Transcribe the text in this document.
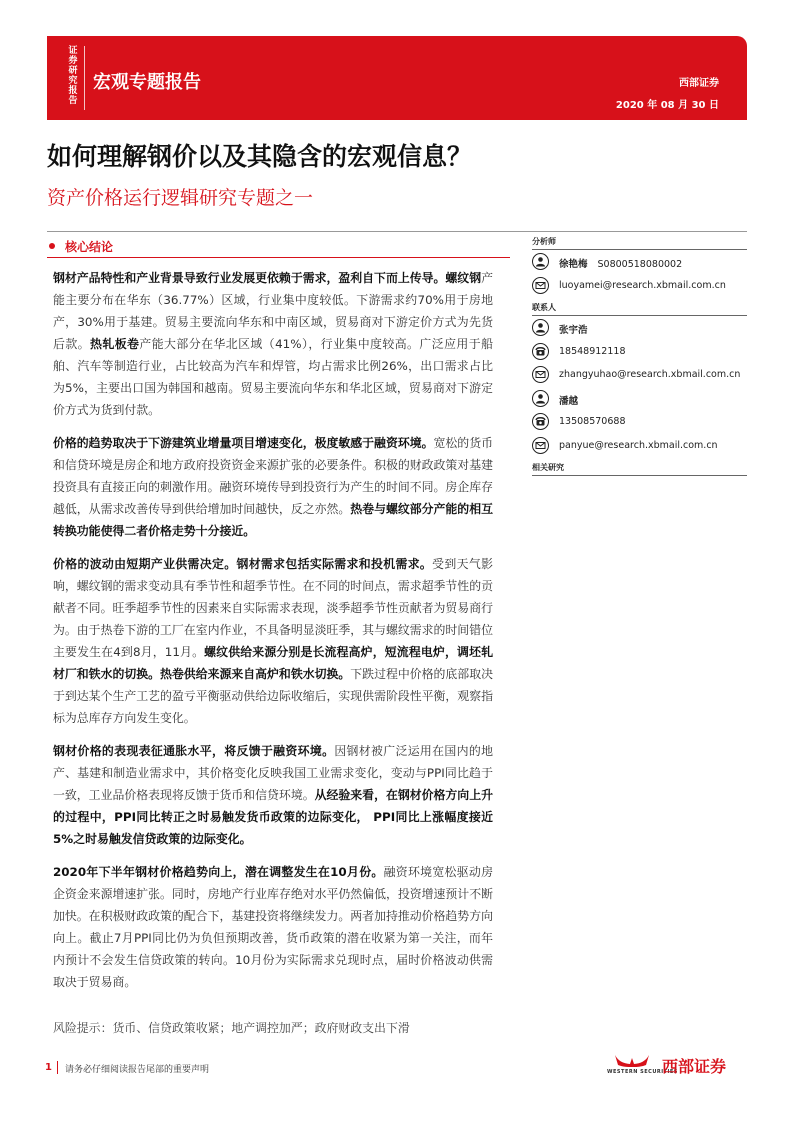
证券研究报告
宏观专题报告	西部证券
2020 年 08 月 30 日
如何理解钢价以及其隐含的宏观信息？
资产价格运行逻辑研究专题之一
核心结论

钢材产品特性和产业背景导致行业发展更依赖于需求，盈利自下而上传导。螺纹钢产能主要分布在华东（36.77%）区域，行业集中度较低。下游需求约70%用于房地产，30%用于基建。贸易主要流向华东和中南区域，贸易商对下游定价方式为先货后款。热轧板卷产能大部分在华北区域（41%），行业集中度较高。广泛应用于船舶、汽车等制造行业，占比较高为汽车和焊管，均占需求比例26%，出口需求占比为5%，主要出口国为韩国和越南。贸易主要流向华东和华北区域，贸易商对下游定价方式为货到付款。

价格的趋势取决于下游建筑业增量项目增速变化，极度敏感于融资环境。宽松的货币和信贷环境是房企和地方政府投资资金来源扩张的必要条件。积极的财政政策对基建投资具有直接正向的刺激作用。融资环境传导到投资行为产生的时间不同。房企库存越低，从需求改善传导到供给增加时间越快，反之亦然。热卷与螺纹部分产能的相互转换功能使得二者价格走势十分接近。

价格的波动由短期产业供需决定。钢材需求包括实际需求和投机需求。受到天气影响，螺纹钢的需求变动具有季节性和超季节性。在不同的时间点，需求超季节性的贡献者不同。旺季超季节性的因素来自实际需求表现，淡季超季节性贡献者为贸易商行为。由于热卷下游的工厂在室内作业，不具备明显淡旺季，其与螺纹需求的时间错位主要发生在4到8月，11月。螺纹供给来源分别是长流程高炉，短流程电炉，调坯轧材厂和铁水的切换。热卷供给来源来自高炉和铁水切换。下跌过程中价格的底部取决于到达某个生产工艺的盈亏平衡驱动供给边际收缩后，实现供需阶段性平衡，观察指标为总库存方向发生变化。

钢材价格的表现表征通胀水平，将反馈于融资环境。因钢材被广泛运用在国内的地产、基建和制造业需求中，其价格变化反映我国工业需求变化，变动与PPI同比趋于一致，工业品价格表现将反馈于货币和信贷环境。从经验来看，在钢材价格方向上升的过程中，PPI同比转正之时易触发货币政策的边际变化， PPI同比上涨幅度接近5%之时易触发信贷政策的边际变化。

2020年下半年钢材价格趋势向上，潜在调整发生在10月份。融资环境宽松驱动房企资金来源增速扩张。同时，房地产行业库存绝对水平仍然偏低，投资增速预计不断加快。在积极财政政策的配合下，基建投资将继续发力。两者加持推动价格趋势方向向上。截止7月PPI同比仍为负但预期改善，货币政策的潜在收紧为第一关注，而年内预计不会发生信贷政策的转向。10月份为实际需求兑现时点，届时价格波动供需取决于贸易商。

风险提示：货币、信贷政策收紧；地产调控加严；政府财政支出下滑
分析师
徐艳梅 S0800518080002
luoyamei@research.xbmail.com.cn
联系人
张宇浩
18548912118
zhangyuhao@research.xbmail.com.cn
潘越
13508570688
panyue@research.xbmail.com.cn
相关研究
1 请务必仔细阅读报告尾部的重要声明	WESTERN SECURITIES
西部证券
